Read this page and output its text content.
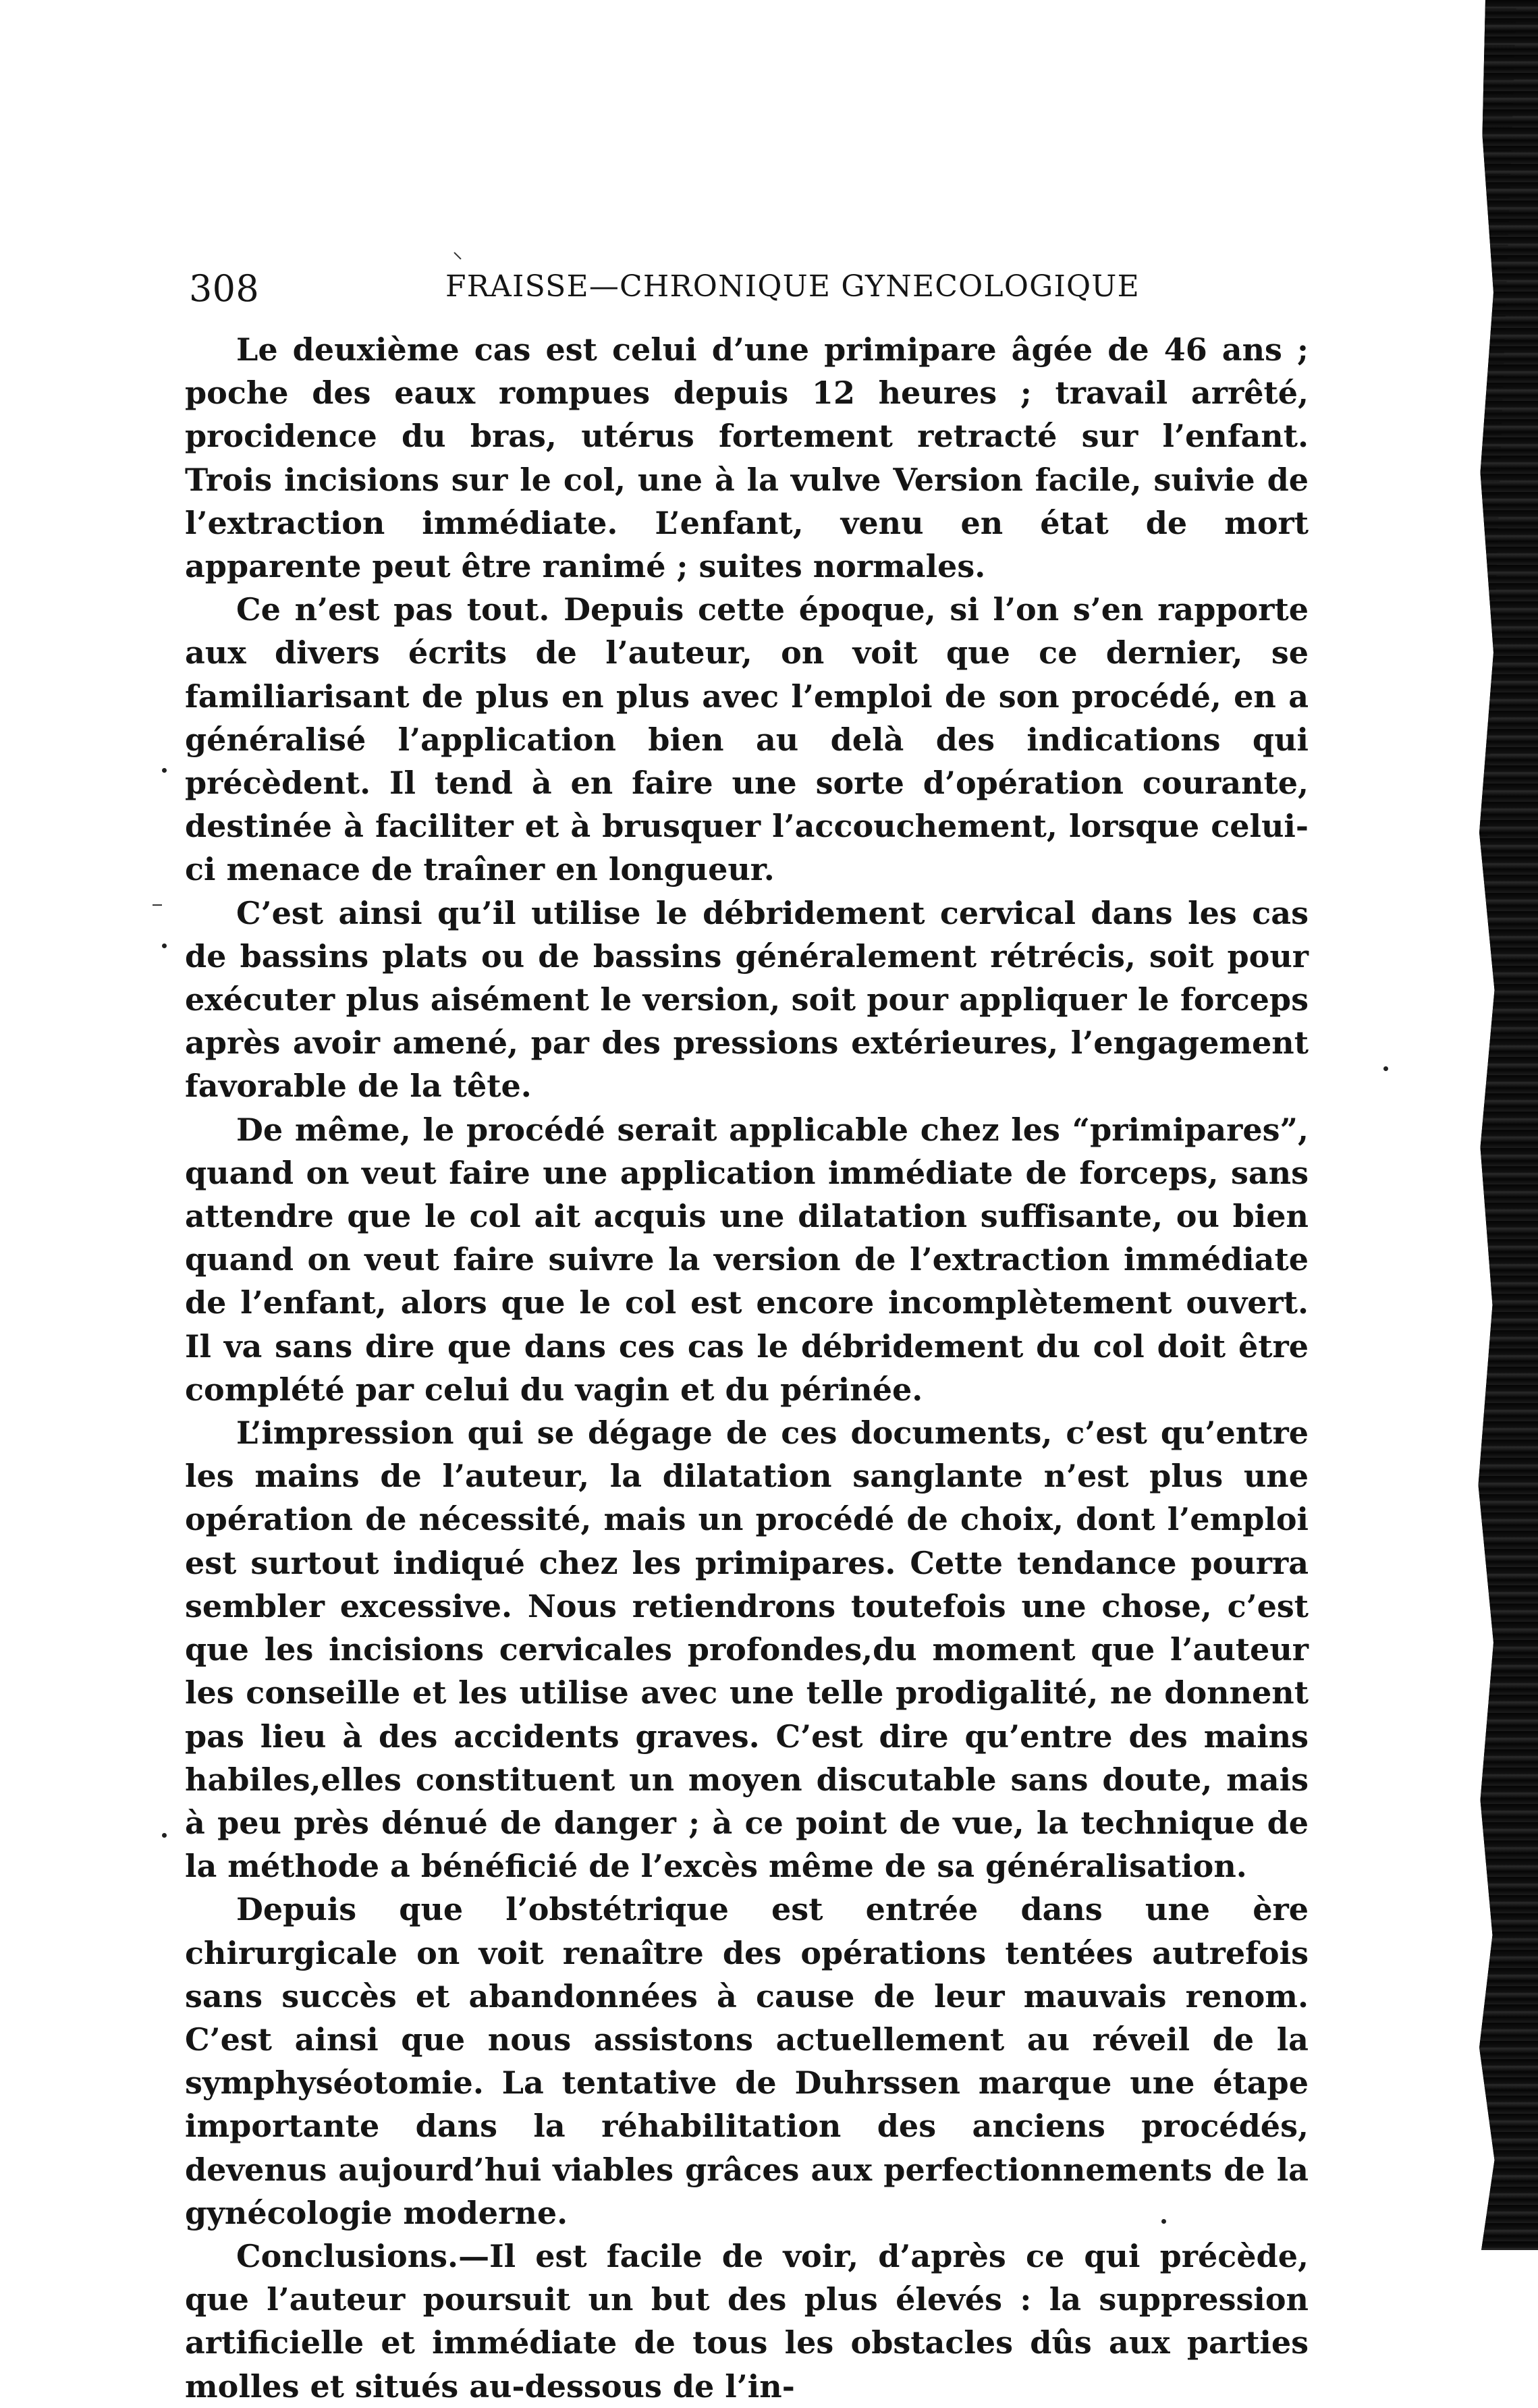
308	FRAISSE—CHRONIQUE GYNECOLOGIQUE

Le deuxième cas est celui d’une primipare âgée de 46 ans ; poche des eaux rompues depuis 12 heures ; travail arrêté, procidence du bras, utérus fortement retracté sur l’enfant. Trois incisions sur le col, une à la vulve Version facile, suivie de l’extraction immédiate. L’enfant, venu en état de mort apparente peut être ranimé ; suites normales.

Ce n’est pas tout. Depuis cette époque, si l’on s’en rapporte aux divers écrits de l’auteur, on voit que ce dernier, se familiarisant de plus en plus avec l’emploi de son procédé, en a généralisé l’application bien au delà des indications qui précèdent. Il tend à en faire une sorte d’opération courante, destinée à faciliter et à brusquer l’accouchement, lorsque celui-ci menace de traîner en longueur.

C’est ainsi qu’il utilise le débridement cervical dans les cas de bassins plats ou de bassins généralement rétrécis, soit pour exécuter plus aisément le version, soit pour appliquer le forceps après avoir amené, par des pressions extérieures, l’engagement favorable de la tête.

De même, le procédé serait applicable chez les “primipares”, quand on veut faire une application immédiate de forceps, sans attendre que le col ait acquis une dilatation suffisante, ou bien quand on veut faire suivre la version de l’extraction immédiate de l’enfant, alors que le col est encore incomplètement ouvert. Il va sans dire que dans ces cas le débridement du col doit être complété par celui du vagin et du périnée.

L’impression qui se dégage de ces documents, c’est qu’entre les mains de l’auteur, la dilatation sanglante n’est plus une opération de nécessité, mais un procédé de choix, dont l’emploi est surtout indiqué chez les primipares. Cette tendance pourra sembler excessive. Nous retiendrons toutefois une chose, c’est que les incisions cervicales profondes,du moment que l’auteur les conseille et les utilise avec une telle prodigalité, ne donnent pas lieu à des accidents graves. C’est dire qu’entre des mains habiles,elles constituent un moyen discutable sans doute, mais à peu près dénué de danger ; à ce point de vue, la technique de la méthode a bénéficié de l’excès même de sa généralisation.

Depuis que l’obstétrique est entrée dans une ère chirurgicale on voit renaître des opérations tentées autrefois sans succès et abandonnées à cause de leur mauvais renom. C’est ainsi que nous assistons actuellement au réveil de la symphyséotomie. La tentative de Duhrssen marque une étape importante dans la réhabilitation des anciens procédés, devenus aujourd’hui viables grâces aux perfectionnements de la gynécologie moderne.

Conclusions.—Il est facile de voir, d’après ce qui précède, que l’auteur poursuit un but des plus élevés : la suppression artificielle et immédiate de tous les obstacles dûs aux parties molles et situés au-dessous de l’in-
